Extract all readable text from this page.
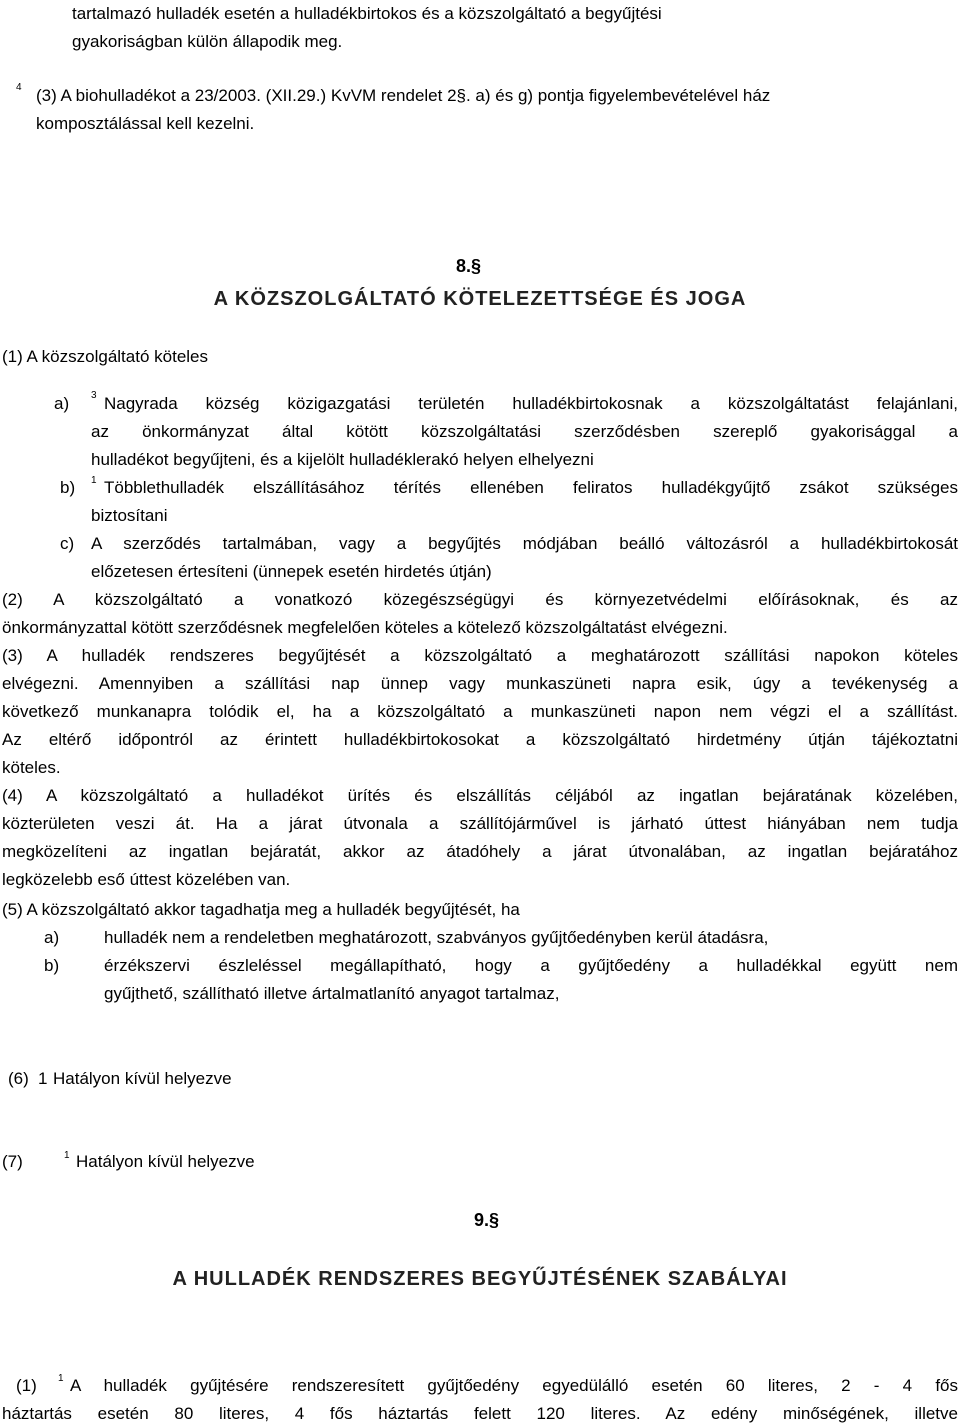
tartalmazó hulladék esetén a hulladékbirtokos és a közszolgáltató a begyűjtési
gyakoriságban külön állapodik meg.
4 (3) A biohulladékot a 23/2003. (XII.29.) KvVM rendelet 2§. a) és g) pontja figyelembevételével ház
komposztálással kell kezelni.
8.§
A KÖZSZOLGÁLTATÓ KÖTELEZETTSÉGE ÉS JOGA
(1) A közszolgáltató köteles
a) 3 Nagyrada község közigazgatási területén hulladékbirtokosnak a közszolgáltatást felajánlani,
az önkormányzat által kötött közszolgáltatási szerződésben szereplő gyakorisággal a
hulladékot begyűjteni, és a kijelölt hulladéklerakó helyen elhelyezni
b) 1 Többlethulladék elszállításához térítés ellenében feliratos hulladékgyűjtő zsákot szükséges
biztosítani
c) A szerződés tartalmában, vagy a begyűjtés módjában beálló változásról a hulladékbirtokosát
előzetesen értesíteni (ünnepek esetén hirdetés útján)
(2) A közszolgáltató a vonatkozó közegészségügyi és környezetvédelmi előírásoknak, és az
önkormányzattal kötött szerződésnek megfelelően köteles a kötelező közszolgáltatást elvégezni.
(3) A hulladék rendszeres begyűjtését a közszolgáltató a meghatározott szállítási napokon köteles
elvégezni. Amennyiben a szállítási nap ünnep vagy munkaszüneti napra esik, úgy a tevékenység a
következő munkanapra tolódik el, ha a közszolgáltató a munkaszüneti napon nem végzi el a szállítást.
Az eltérő időpontról az érintett hulladékbirtokosokat a közszolgáltató hirdetmény útján tájékoztatni
köteles.
(4) A közszolgáltató a hulladékot ürítés és elszállítás céljából az ingatlan bejáratának közelében,
közterületen veszi át. Ha a járat útvonala a szállítójárművel is járható úttest hiányában nem tudja
megközelíteni az ingatlan bejáratát, akkor az átadóhely a járat útvonalában, az ingatlan bejáratához
legközelebb eső úttest közelében van.
(5) A közszolgáltató akkor tagadhatja meg a hulladék begyűjtését, ha
a)	hulladék nem a rendeletben meghatározott, szabványos gyűjtőedényben kerül átadásra,
b)	érzékszervi észleléssel megállapítható, hogy a gyűjtőedény a hulladékkal együtt nem
gyűjthető, szállítható illetve ártalmatlanító anyagot tartalmaz,
(6) 1 Hatályon kívül helyezve
(7)	1 Hatályon kívül helyezve
9.§
A HULLADÉK RENDSZERES BEGYŰJTÉSÉNEK SZABÁLYAI
(1) 1 A hulladék gyűjtésére rendszeresített gyűjtőedény egyedülálló esetén 60 literes, 2 - 4 fős
háztartás esetén 80 literes, 4 fős háztartás felett 120 literes. Az edény minőségének, illetve
